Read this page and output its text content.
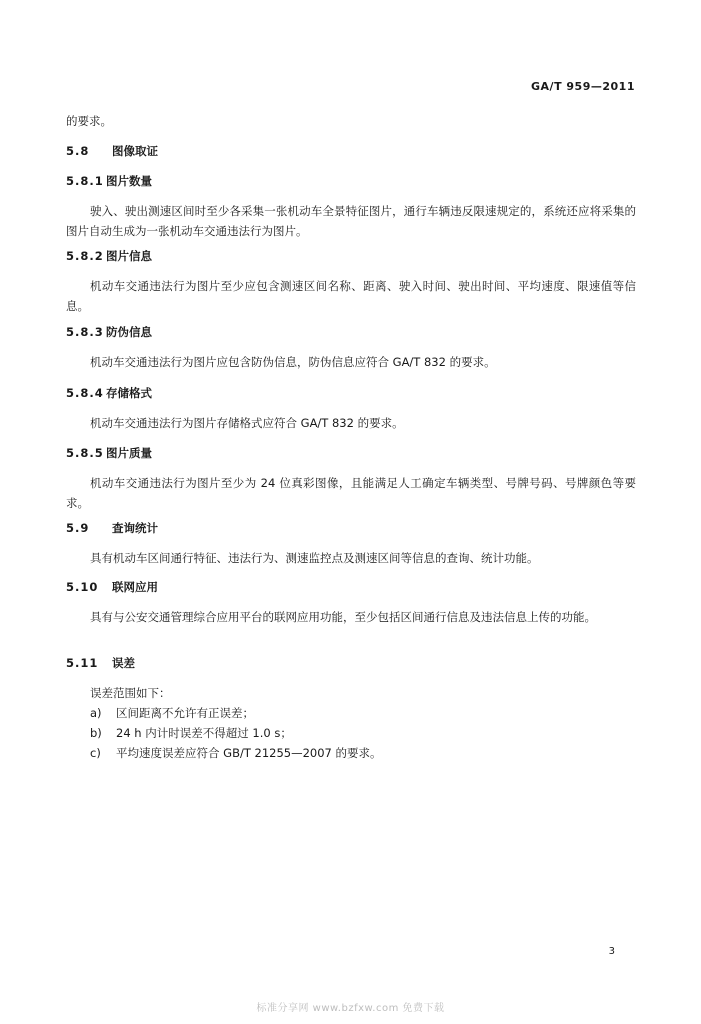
GA/T 959—2011

的要求。

5.8 图像取证
5.8.1 图片数量

驶入、驶出测速区间时至少各采集一张机动车全景特征图片，通行车辆违反限速规定的，系统还应将采集的图片自动生成为一张机动车交通违法行为图片。

5.8.2 图片信息

机动车交通违法行为图片至少应包含测速区间名称、距离、驶入时间、驶出时间、平均速度、限速值等信息。

5.8.3 防伪信息

机动车交通违法行为图片应包含防伪信息，防伪信息应符合 GA/T 832 的要求。

5.8.4 存储格式

机动车交通违法行为图片存储格式应符合 GA/T 832 的要求。

5.8.5 图片质量

机动车交通违法行为图片至少为 24 位真彩图像，且能满足人工确定车辆类型、号牌号码、号牌颜色等要求。

5.9 查询统计

具有机动车区间通行特征、违法行为、测速监控点及测速区间等信息的查询、统计功能。

5.10 联网应用

具有与公安交通管理综合应用平台的联网应用功能，至少包括区间通行信息及违法信息上传的功能。

5.11 误差

误差范围如下：

a) 区间距离不允许有正误差；
b) 24 h 内计时误差不得超过 1.0 s；
c) 平均速度误差应符合 GB/T 21255—2007 的要求。
3
标准分享网 www.bzfxw.com 免费下载
